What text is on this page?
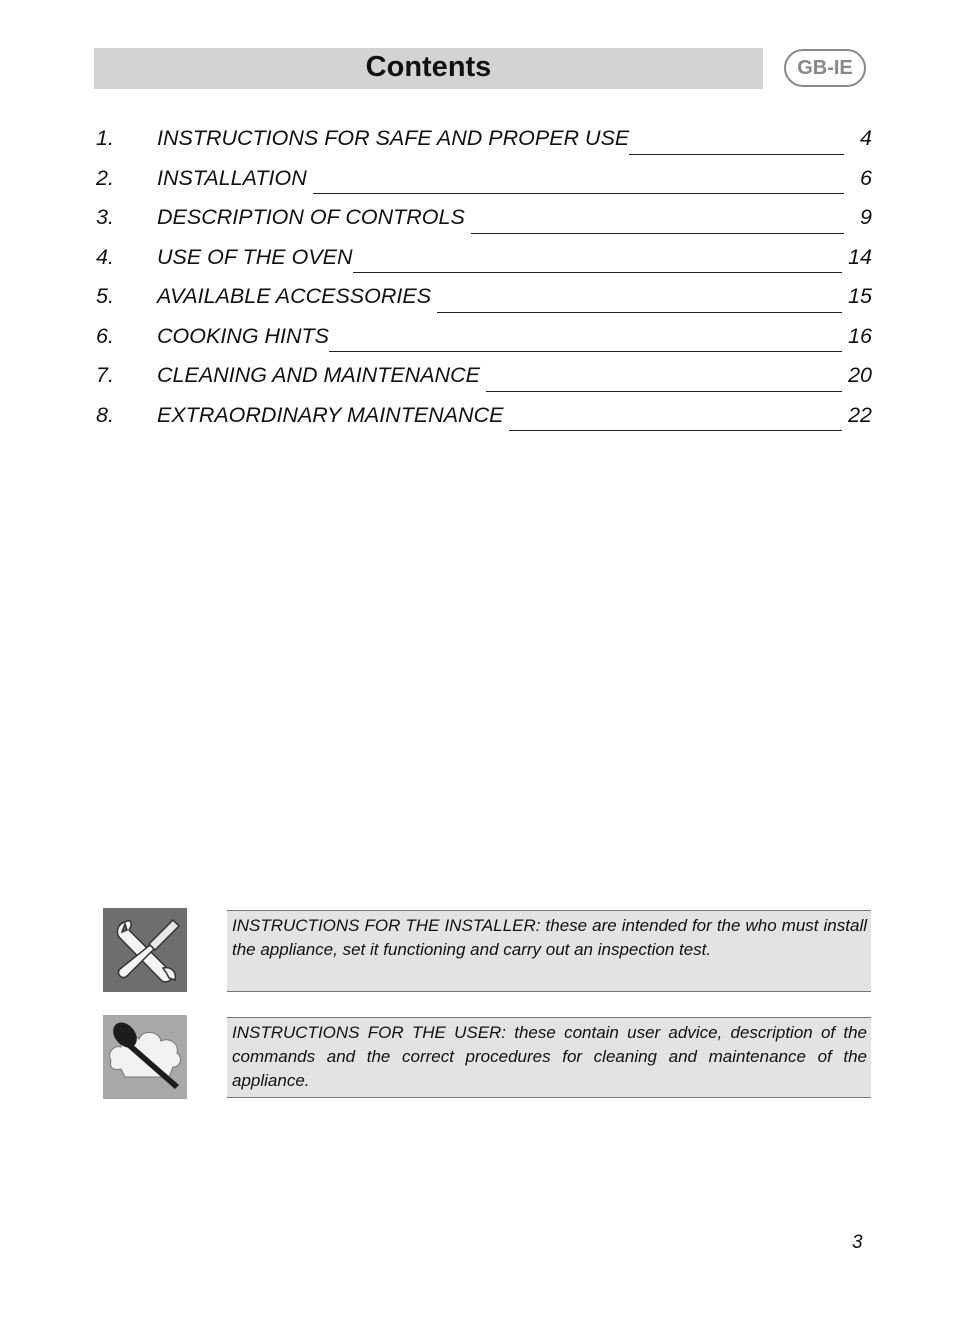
Contents	GB-IE
1.	INSTRUCTIONS FOR SAFE AND PROPER USE	4
2.	INSTALLATION	6
3.	DESCRIPTION OF CONTROLS	9
4.	USE OF THE OVEN	14
5.	AVAILABLE ACCESSORIES	15
6.	COOKING HINTS	16
7.	CLEANING AND MAINTENANCE	20
8.	EXTRAORDINARY MAINTENANCE	22
INSTRUCTIONS FOR THE INSTALLER: these are intended for the who must install the appliance, set it functioning and carry out an inspection test.
INSTRUCTIONS FOR THE USER: these contain user advice, description of the commands and the correct procedures for cleaning and maintenance of the appliance.
3
